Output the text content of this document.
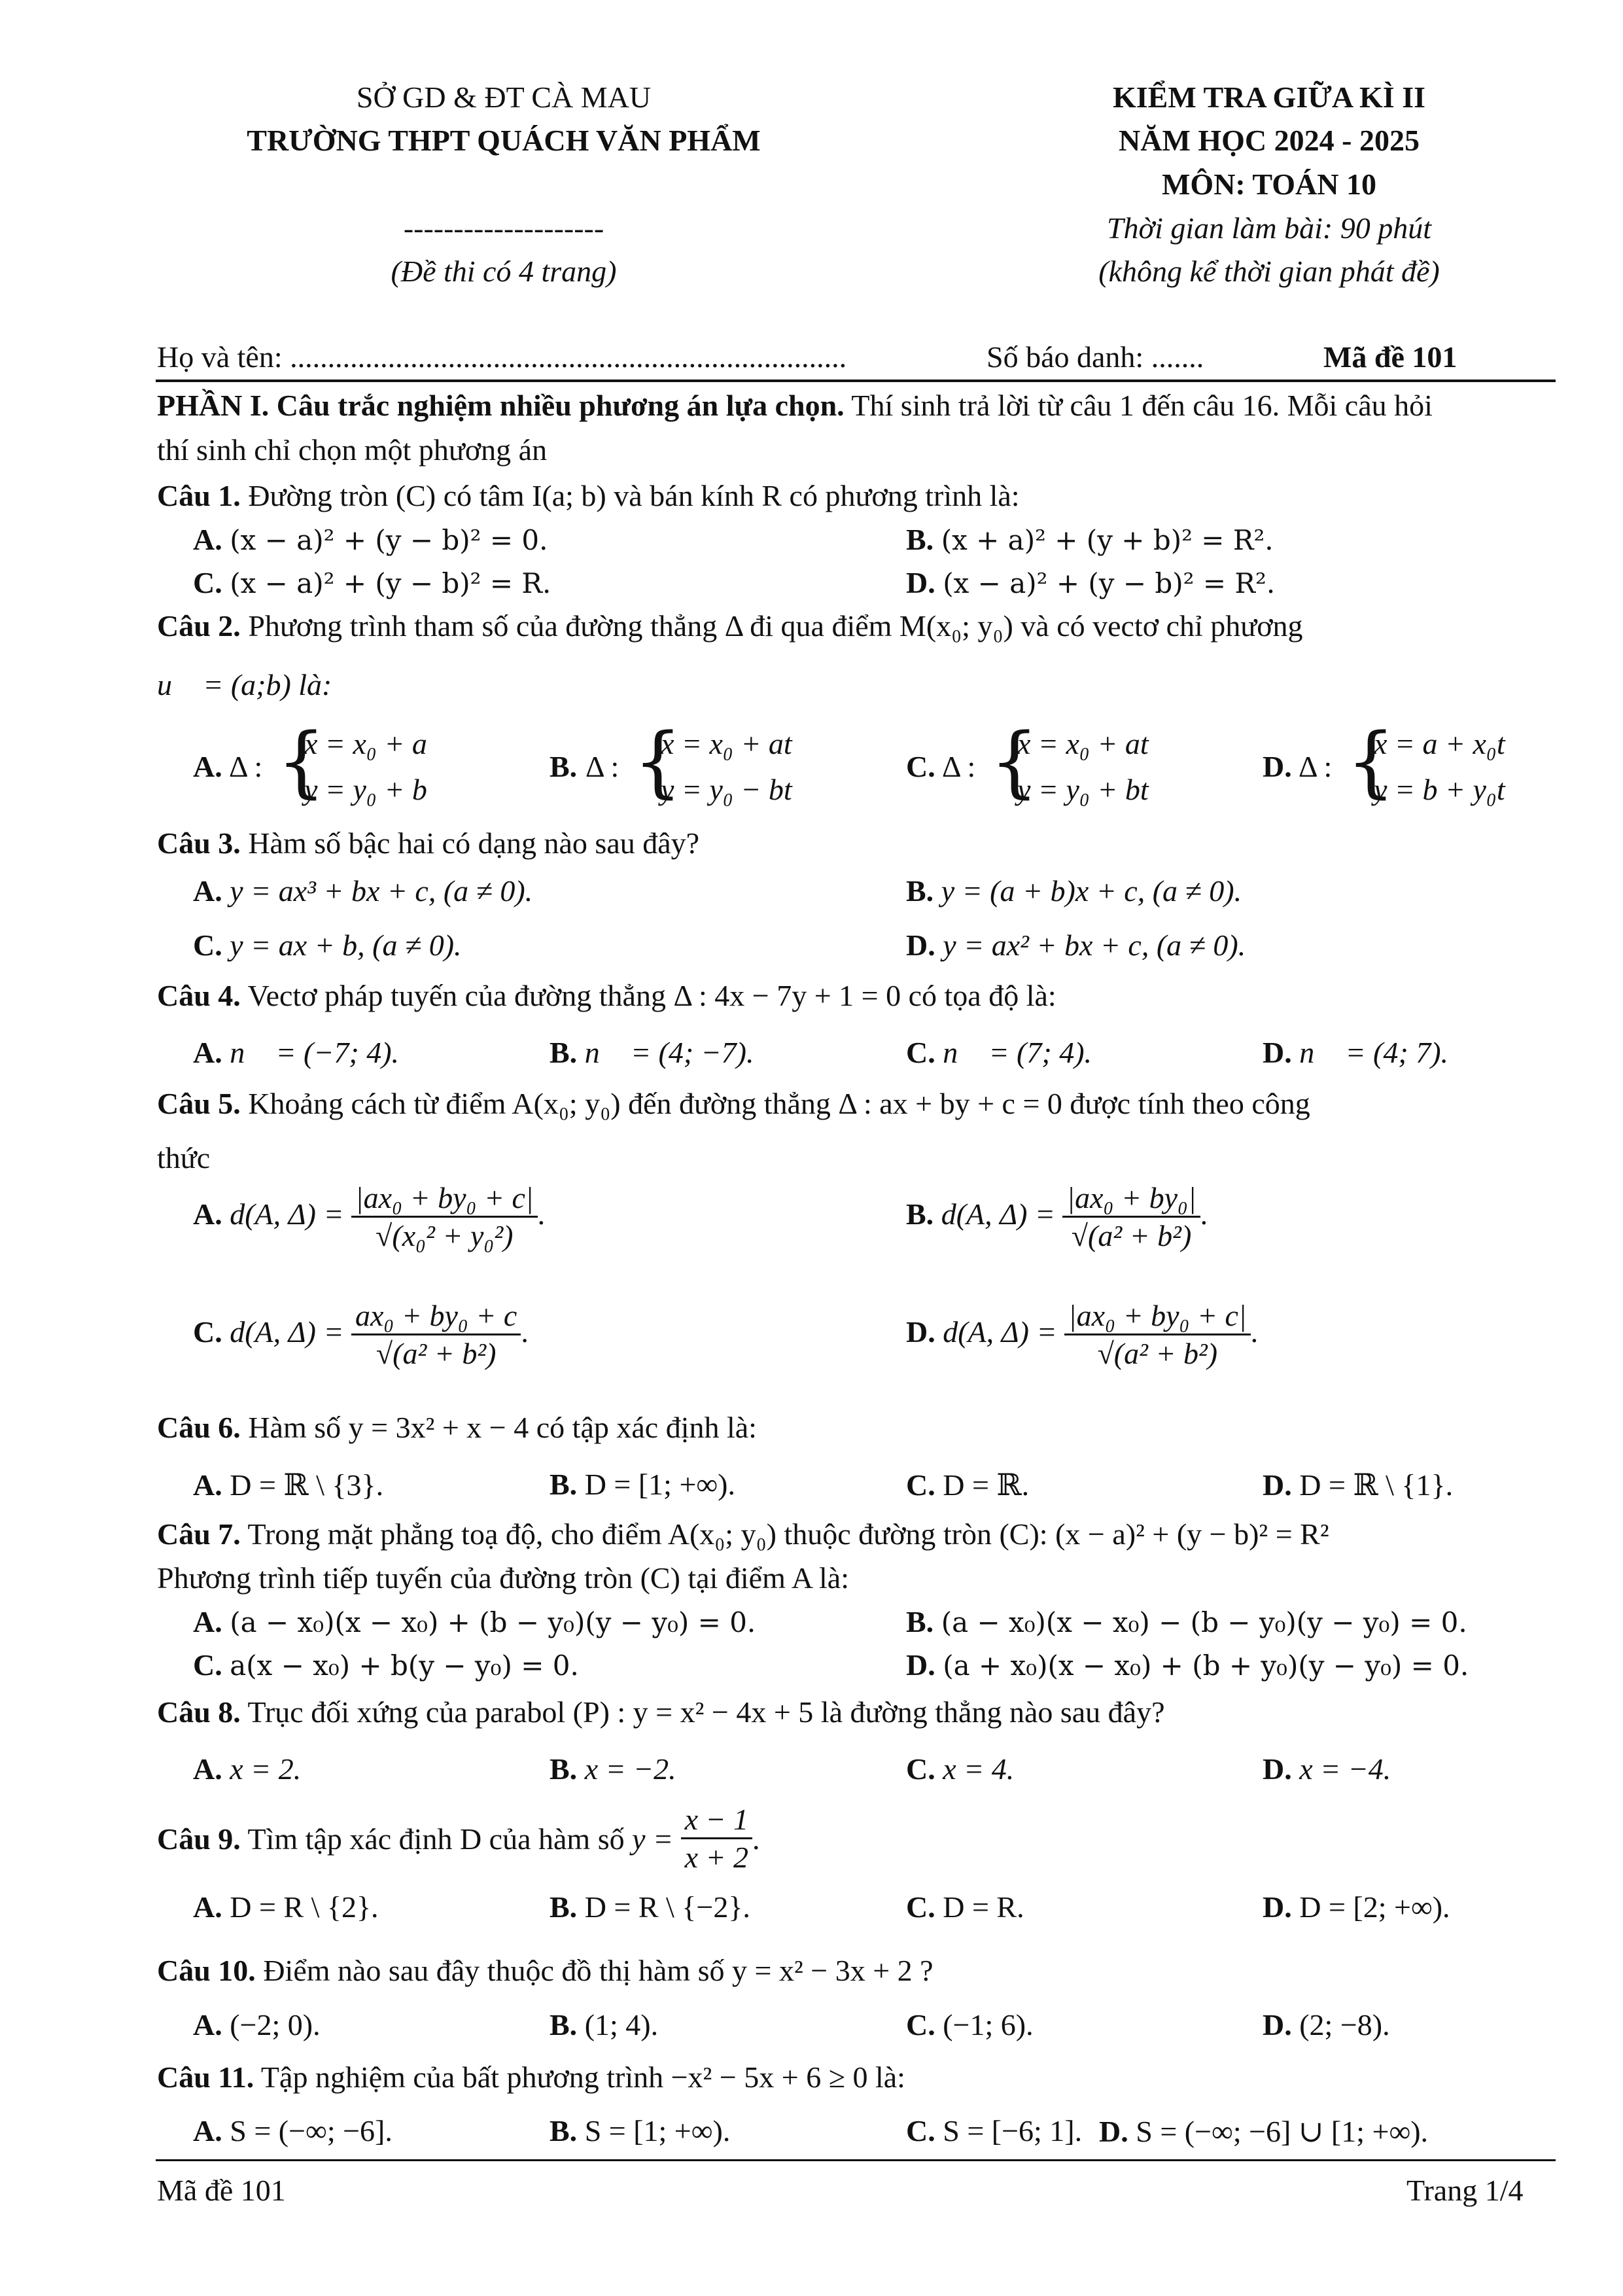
SỞ GD & ĐT CÀ MAU
TRƯỜNG THPT QUÁCH VĂN PHẨM
--------------------
(Đề thi có 4 trang)
KIỂM TRA GIỮA KÌ II
NĂM HỌC 2024 - 2025
MÔN: TOÁN 10
Thời gian làm bài: 90 phút
(không kể thời gian phát đề)
Họ và tên: ..........................................................................	Số báo danh: .......	Mã đề 101
PHẦN I. Câu trắc nghiệm nhiều phương án lựa chọn. Thí sinh trả lời từ câu 1 đến câu 16. Mỗi câu hỏi
thí sinh chỉ chọn một phương án
Câu 1. Đường tròn (C) có tâm I(a; b) và bán kính R có phương trình là:
A. (x − a)² + (y − b)² = 0.	B. (x + a)² + (y + b)² = R².
C. (x − a)² + (y − b)² = R.	D. (x − a)² + (y − b)² = R².
Câu 2. Phương trình tham số của đường thẳng Δ đi qua điểm M(x₀; y₀) và có vectơ chỉ phương
u⃗ = (a;b) là:
A. Δ : {
x = x₀ + a
y = y₀ + b
B. Δ : {
x = x₀ + at
y = y₀ − bt
C. Δ : {
x = x₀ + at
y = y₀ + bt
D. Δ : {
x = a + x₀t
y = b + y₀t
Câu 3. Hàm số bậc hai có dạng nào sau đây?
A. y = ax³ + bx + c, (a ≠ 0).	B. y = (a + b)x + c, (a ≠ 0).
C. y = ax + b, (a ≠ 0).	D. y = ax² + bx + c, (a ≠ 0).
Câu 4. Vectơ pháp tuyến của đường thẳng Δ : 4x − 7y + 1 = 0 có tọa độ là:
A. n⃗ = (−7; 4).	B. n⃗ = (4; −7).	C. n⃗ = (7; 4).	D. n⃗ = (4; 7).
Câu 5. Khoảng cách từ điểm A(x₀; y₀) đến đường thẳng Δ : ax + by + c = 0 được tính theo công
thức
A. d(A, $\Delta) = \frac{\text{|ax₀ + by₀ + c|}}{\text{√(x₀² + y₀²)}}$ .	B. d(A, $\Delta) = \frac{\text{|ax₀ + by₀|}}{\text{√(a² + b²)}}$ .
C. d(A, $\Delta) = \frac{\text{ax₀ + by₀ + c}}{\text{√(a² + b²)}}$ .	D. d(A, $\Delta) = \frac{\text{|ax₀ + by₀ + c|}}{\text{√(a² + b²)}}$ .
Câu 6. Hàm số y = 3x² + x − 4 có tập xác định là:
A. D = ℝ \ {3}.	B. D = [1; +∞).	C. D = ℝ.	D. D = ℝ \ {1}.
Câu 7. Trong mặt phẳng toạ độ, cho điểm A(x₀; y₀) thuộc đường tròn (C): (x − a)² + (y − b)² = R²
Phương trình tiếp tuyến của đường tròn (C) tại điểm A là:
A. (a − x₀)(x − x₀) + (b − y₀)(y − y₀) = 0.	B. (a − x₀)(x − x₀) − (b − y₀)(y − y₀) = 0.
C. a(x − x₀) + b(y − y₀) = 0.	D. (a + x₀)(x − x₀) + (b + y₀)(y − y₀) = 0.
Câu 8. Trục đối xứng của parabol (P) : y = x² − 4x + 5 là đường thẳng nào sau đây?
A. x = 2.	B. x = −2.	C. x = 4.	D. x = −4.
Câu 9. Tìm tập xác định D của hàm số $y = \frac{x - 1}{x + 2}$ .
A. D = R \ {2}.	B. D = R \ {−2}.	C. D = R.	D. D = [2; +∞).
Câu 10. Điểm nào sau đây thuộc đồ thị hàm số y = x² − 3x + 2 ?
A. (−2; 0).	B. (1; 4).	C. (−1; 6).	D. (2; −8).
Câu 11. Tập nghiệm của bất phương trình −x² − 5x + 6 ≥ 0 là:
A. S = (−∞; −6].	B. S = [1; +∞).	C. S = [−6; 1]. D. S = (−∞; −6] ∪ [1; +∞).
Mã đề 101	Trang 1/4
